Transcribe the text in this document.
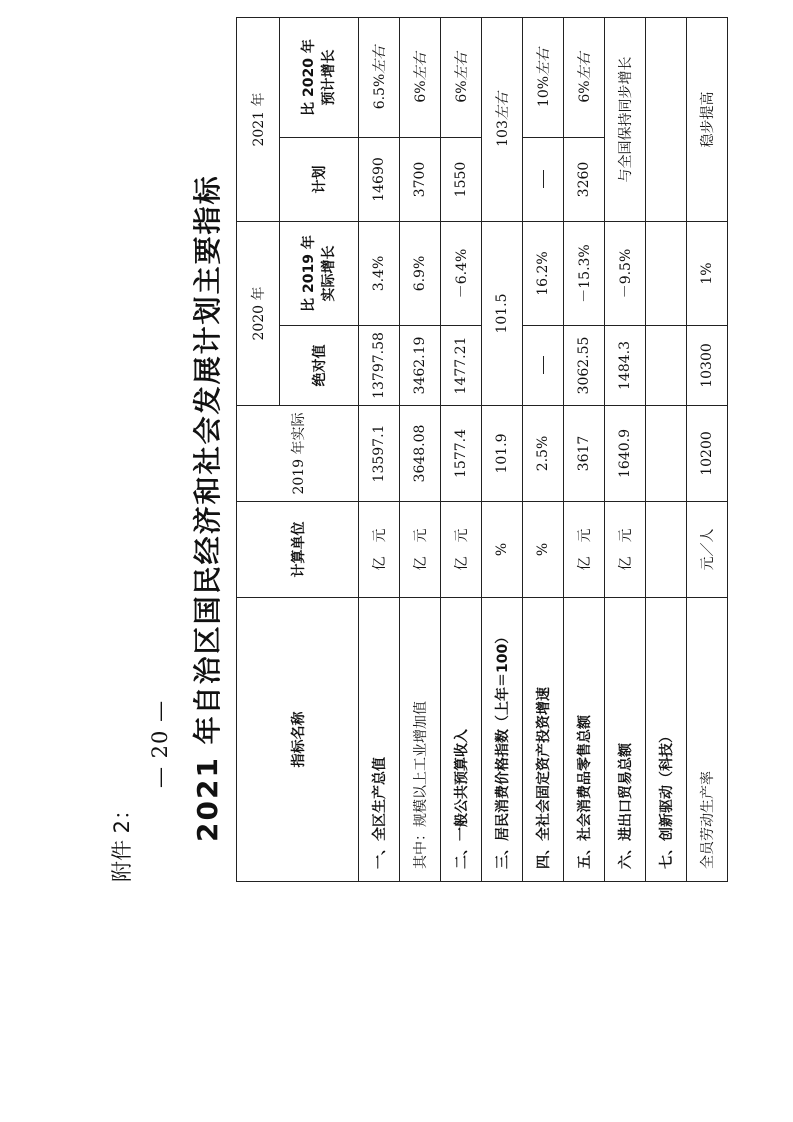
— 20 —
附件 2： 2021 年自治区国民经济和社会发展计划主要指标	指标名称	计算单位	2019 年实际	2020 年		2021 年	
			绝对值	比 2019 年 实际增长	计划	比 2020 年 预计增长
一、全区生产总值	亿　元	13597.1	13797.58	3.4%	14690	6.5%左右
其中：规模以上工业增加值	亿　元	3648.08	3462.19	6.9%	3700	6%左右
二、一般公共预算收入	亿　元	1577.4	1477.21	－6.4%	1550	6%左右
三、居民消费价格指数（上年＝100）	%	101.9	101.5		103左右	
四、全社会固定资产投资增速	%	2.5%		16.2%		10%左右
五、社会消费品零售总额	亿　元	3617	3062.55	－15.3%	3260	6%左右
六、进出口贸易总额	亿　元	1640.9	1484.3	－9.5%	与全国保持同步增长	
七、创新驱动（科技）						
全员劳动生产率	元／人	10200	10300	1%	稳步提高	
